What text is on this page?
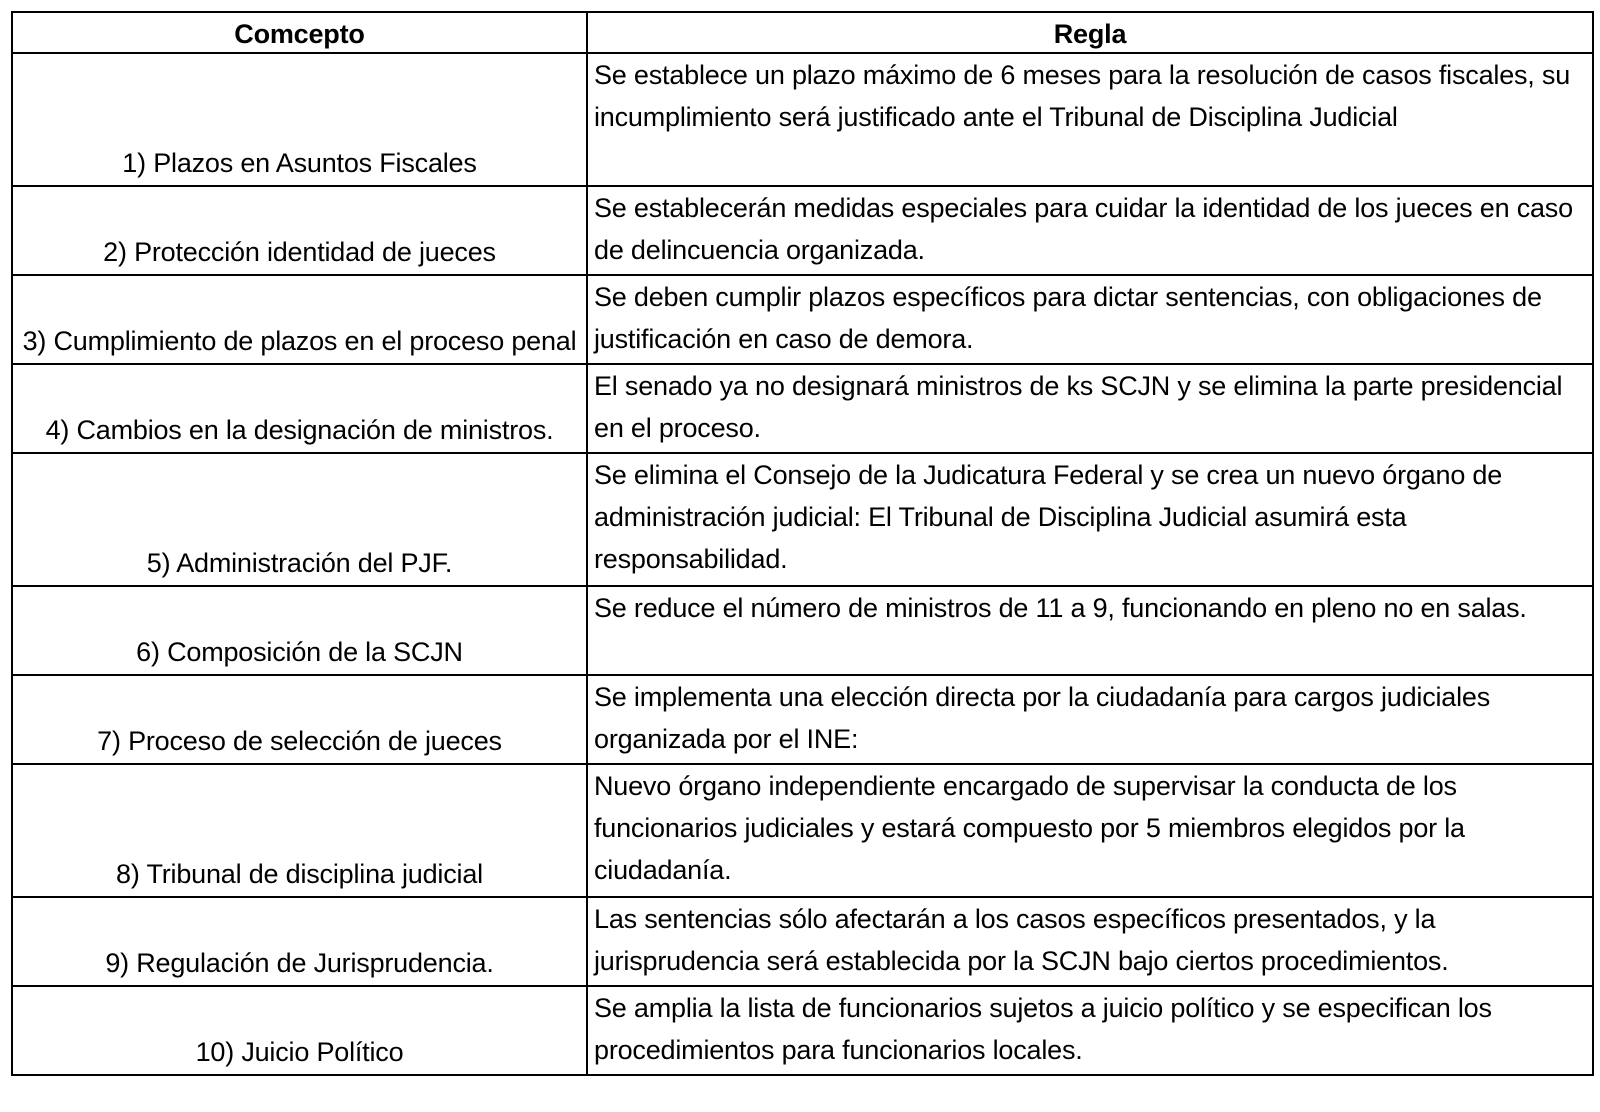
Comcepto	Regla
1) Plazos en Asuntos Fiscales	Se establece un plazo máximo de 6 meses para la resolución de casos fiscales, su incumplimiento será justificado ante el Tribunal de Disciplina Judicial
2) Protección identidad de jueces	Se establecerán medidas especiales para cuidar la identidad de los jueces en caso de delincuencia organizada.
3) Cumplimiento de plazos en el proceso penal	Se deben cumplir plazos específicos para dictar sentencias, con obligaciones de justificación en caso de demora.
4) Cambios en la designación de ministros.	El senado ya no designará ministros de ks SCJN y se elimina la parte presidencial en el proceso.
5) Administración del PJF.	Se elimina el Consejo de la Judicatura Federal y se crea un nuevo órgano de administración judicial: El Tribunal de Disciplina Judicial asumirá esta responsabilidad.
6) Composición de la SCJN	Se reduce el número de ministros de 11 a 9, funcionando en pleno no en salas.
7) Proceso de selección de jueces	Se implementa una elección directa por la ciudadanía para cargos judiciales organizada por el INE:
8) Tribunal de disciplina judicial	Nuevo órgano independiente encargado de supervisar la conducta de los funcionarios judiciales y estará compuesto por 5 miembros elegidos por la ciudadanía.
9) Regulación de Jurisprudencia.	Las sentencias sólo afectarán a los casos específicos presentados, y la jurisprudencia será establecida por la SCJN bajo ciertos procedimientos.
10) Juicio Político	Se amplia la lista de funcionarios sujetos a juicio político y se especifican los procedimientos para funcionarios locales.
